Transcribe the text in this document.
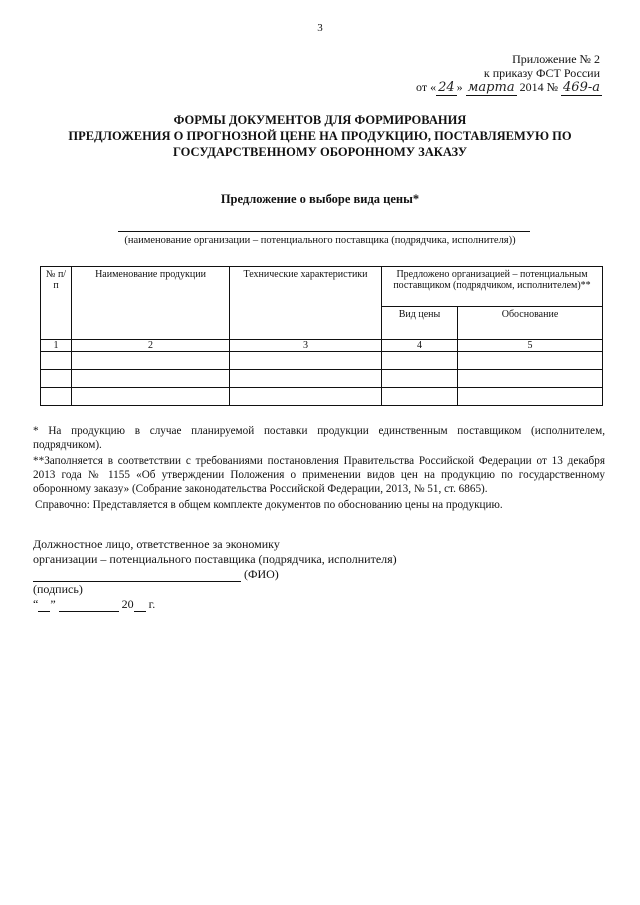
3
Приложение № 2
к приказу ФСТ России
от « 24 » марта 2014 № 469-а
ФОРМЫ ДОКУМЕНТОВ ДЛЯ ФОРМИРОВАНИЯ
ПРЕДЛОЖЕНИЯ О ПРОГНОЗНОЙ ЦЕНЕ НА ПРОДУКЦИЮ, ПОСТАВЛЯЕМУЮ ПО
ГОСУДАРСТВЕННОМУ ОБОРОННОМУ ЗАКАЗУ
Предложение о выборе вида цены*
(наименование организации – потенциального поставщика (подрядчика, исполнителя))
№ п/п	Наименование продукции	Технические характеристики	Предложено организацией – потенциальным поставщиком (подрядчиком, исполнителем)**	
			Вид цены	Обоснование
1	2	3	4	5

* На продукцию в случае планируемой поставки продукции единственным поставщиком (исполнителем, подрядчиком).

**Заполняется в соответствии с требованиями постановления Правительства Российской Федерации от 13 декабря 2013 года № 1155 «Об утверждении Положения о применении видов цен на продукцию по государственному оборонному заказу» (Собрание законодательства Российской Федерации, 2013, № 51, ст. 6865).

Справочно: Представляется в общем комплекте документов по обоснованию цены на продукцию.

Должностное лицо, ответственное за экономику
организации – потенциального поставщика (подрядчика, исполнителя)
(ФИО)
(подпись)
“ ”	20 г.
